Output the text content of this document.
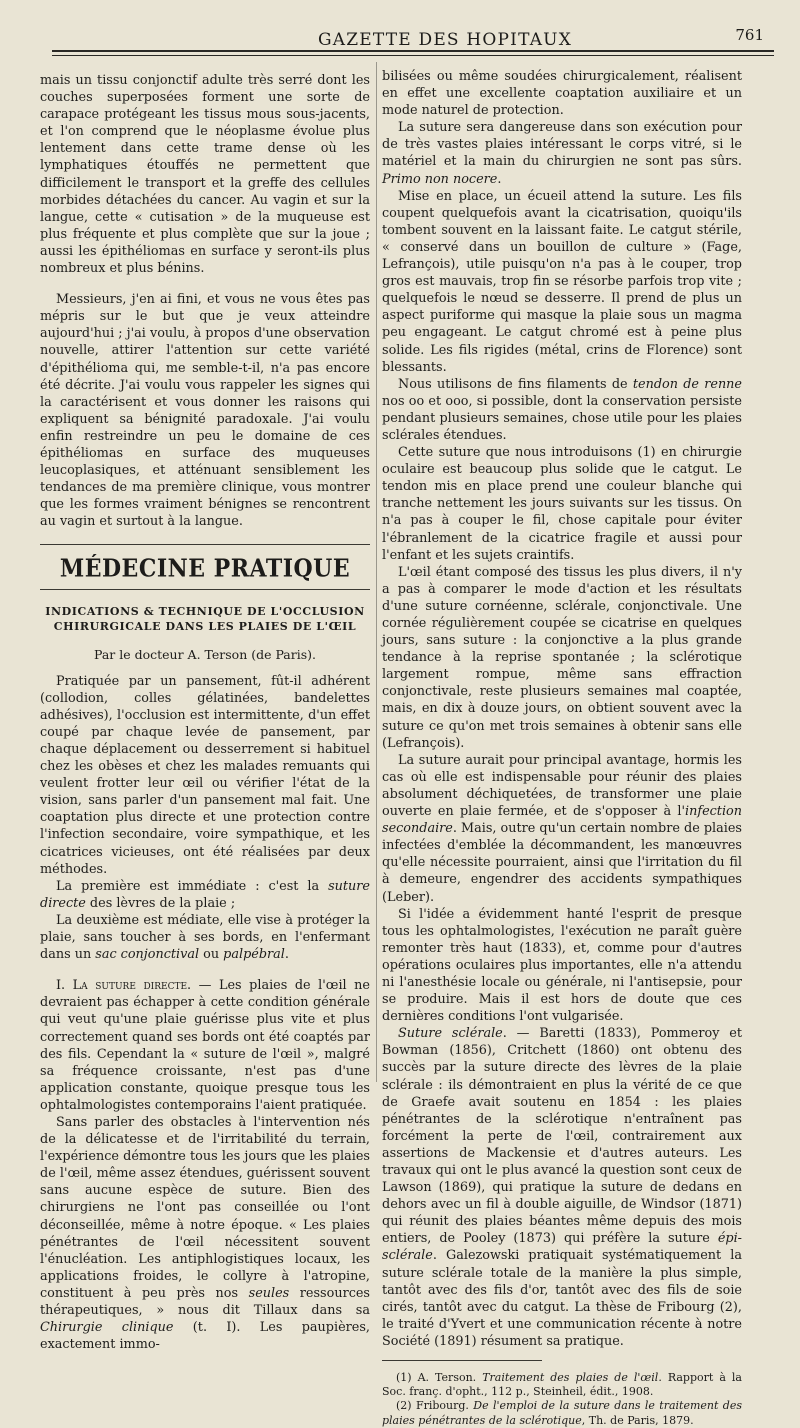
GAZETTE DES HOPITAUX	761

mais un tissu conjonctif adulte très serré dont les couches superposées forment une sorte de carapace protégeant les tissus mous sous-jacents, et l'on comprend que le néoplasme évolue plus lentement dans cette trame dense où les lymphatiques étouffés ne permettent que difficilement le transport et la greffe des cellules morbides détachées du cancer. Au vagin et sur la langue, cette « cutisation » de la muqueuse est plus fréquente et plus complète que sur la joue ; aussi les épithéliomas en surface y seront-ils plus nombreux et plus bénins.

Messieurs, j'en ai fini, et vous ne vous êtes pas mépris sur le but que je veux atteindre aujourd'hui ; j'ai voulu, à propos d'une observation nouvelle, attirer l'attention sur cette variété d'épithélioma qui, me semble-t-il, n'a pas encore été décrite. J'ai voulu vous rappeler les signes qui la caractérisent et vous donner les raisons qui expliquent sa bénignité paradoxale. J'ai voulu enfin restreindre un peu le domaine de ces épithéliomas en surface des muqueuses leucoplasiques, et atténuant sensiblement les tendances de ma première clinique, vous montrer que les formes vraiment bénignes se rencontrent au vagin et surtout à la langue.

MÉDECINE PRATIQUE
INDICATIONS & TECHNIQUE DE L'OCCLUSION CHIRURGICALE DANS LES PLAIES DE L'ŒIL
Par le docteur A. Terson (de Paris).

Pratiquée par un pansement, fût-il adhérent (collodion, colles gélatinées, bandelettes adhésives), l'occlusion est intermittente, d'un effet coupé par chaque levée de pansement, par chaque déplacement ou desserrement si habituel chez les obèses et chez les malades remuants qui veulent frotter leur œil ou vérifier l'état de la vision, sans parler d'un pansement mal fait. Une coaptation plus directe et une protection contre l'infection secondaire, voire sympathique, et les cicatrices vicieuses, ont été réalisées par deux méthodes.

La première est immédiate : c'est la suture directe des lèvres de la plaie ;

La deuxième est médiate, elle vise à protéger la plaie, sans toucher à ses bords, en l'enfermant dans un sac conjonctival ou palpébral.

I. La suture directe. — Les plaies de l'œil ne devraient pas échapper à cette condition générale qui veut qu'une plaie guérisse plus vite et plus correctement quand ses bords ont été coaptés par des fils. Cependant la « suture de l'œil », malgré sa fréquence croissante, n'est pas d'une application constante, quoique presque tous les ophtalmologistes contemporains l'aient pratiquée.

Sans parler des obstacles à l'intervention nés de la délicatesse et de l'irritabilité du terrain, l'expérience démontre tous les jours que les plaies de l'œil, même assez étendues, guérissent souvent sans aucune espèce de suture. Bien des chirurgiens ne l'ont pas conseillée ou l'ont déconseillée, même à notre époque. « Les plaies pénétrantes de l'œil nécessitent souvent l'énucléation. Les antiphlogistiques locaux, les applications froides, le collyre à l'atropine, constituent à peu près nos seules ressources thérapeutiques, » nous dit Tillaux dans sa Chirurgie clinique (t. I). Les paupières, exactement immo-

bilisées ou même soudées chirurgicalement, réalisent en effet une excellente coaptation auxiliaire et un mode naturel de protection.

La suture sera dangereuse dans son exécution pour de très vastes plaies intéressant le corps vitré, si le matériel et la main du chirurgien ne sont pas sûrs. Primo non nocere.

Mise en place, un écueil attend la suture. Les fils coupent quelquefois avant la cicatrisation, quoiqu'ils tombent souvent en la laissant faite. Le catgut stérile, « conservé dans un bouillon de culture » (Fage, Lefrançois), utile puisqu'on n'a pas à le couper, trop gros est mauvais, trop fin se résorbe parfois trop vite ; quelquefois le nœud se desserre. Il prend de plus un aspect puriforme qui masque la plaie sous un magma peu engageant. Le catgut chromé est à peine plus solide. Les fils rigides (métal, crins de Florence) sont blessants.

Nous utilisons de fins filaments de tendon de renne nos oo et ooo, si possible, dont la conservation persiste pendant plusieurs semaines, chose utile pour les plaies sclérales étendues.

Cette suture que nous introduisons (1) en chirurgie oculaire est beaucoup plus solide que le catgut. Le tendon mis en place prend une couleur blanche qui tranche nettement les jours suivants sur les tissus. On n'a pas à couper le fil, chose capitale pour éviter l'ébranlement de la cicatrice fragile et aussi pour l'enfant et les sujets craintifs.

L'œil étant composé des tissus les plus divers, il n'y a pas à comparer le mode d'action et les résultats d'une suture cornéenne, sclérale, conjonctivale. Une cornée régulièrement coupée se cicatrise en quelques jours, sans suture : la conjonctive a la plus grande tendance à la reprise spontanée ; la sclérotique largement rompue, même sans effraction conjonctivale, reste plusieurs semaines mal coaptée, mais, en dix à douze jours, on obtient souvent avec la suture ce qu'on met trois semaines à obtenir sans elle (Lefrançois).

La suture aurait pour principal avantage, hormis les cas où elle est indispensable pour réunir des plaies absolument déchiquetées, de transformer une plaie ouverte en plaie fermée, et de s'opposer à l'infection secondaire. Mais, outre qu'un certain nombre de plaies infectées d'emblée la décommandent, les manœuvres qu'elle nécessite pourraient, ainsi que l'irritation du fil à demeure, engendrer des accidents sympathiques (Leber).

Si l'idée a évidemment hanté l'esprit de presque tous les ophtalmologistes, l'exécution ne paraît guère remonter très haut (1833), et, comme pour d'autres opérations oculaires plus importantes, elle n'a attendu ni l'anesthésie locale ou générale, ni l'antisepsie, pour se produire. Mais il est hors de doute que ces dernières conditions l'ont vulgarisée.

Suture sclérale. — Baretti (1833), Pommeroy et Bowman (1856), Critchett (1860) ont obtenu des succès par la suture directe des lèvres de la plaie sclérale : ils démontraient en plus la vérité de ce que de Graefe avait soutenu en 1854 : les plaies pénétrantes de la sclérotique n'entraînent pas forcément la perte de l'œil, contrairement aux assertions de Mackensie et d'autres auteurs. Les travaux qui ont le plus avancé la question sont ceux de Lawson (1869), qui pratique la suture de dedans en dehors avec un fil à double aiguille, de Windsor (1871) qui réunit des plaies béantes même depuis des mois entiers, de Pooley (1873) qui préfère la suture épi-sclérale. Galezowski pratiquait systématiquement la suture sclérale totale de la manière la plus simple, tantôt avec des fils d'or, tantôt avec des fils de soie cirés, tantôt avec du catgut. La thèse de Fribourg (2), le traité d'Yvert et une communication récente à notre Société (1891) résument sa pratique.

(1) A. Terson. Traitement des plaies de l'œil. Rapport à la Soc. franç. d'opht., 112 p., Steinheil, édit., 1908.

(2) Fribourg. De l'emploi de la suture dans le traitement des plaies pénétrantes de la sclérotique, Th. de Paris, 1879.
